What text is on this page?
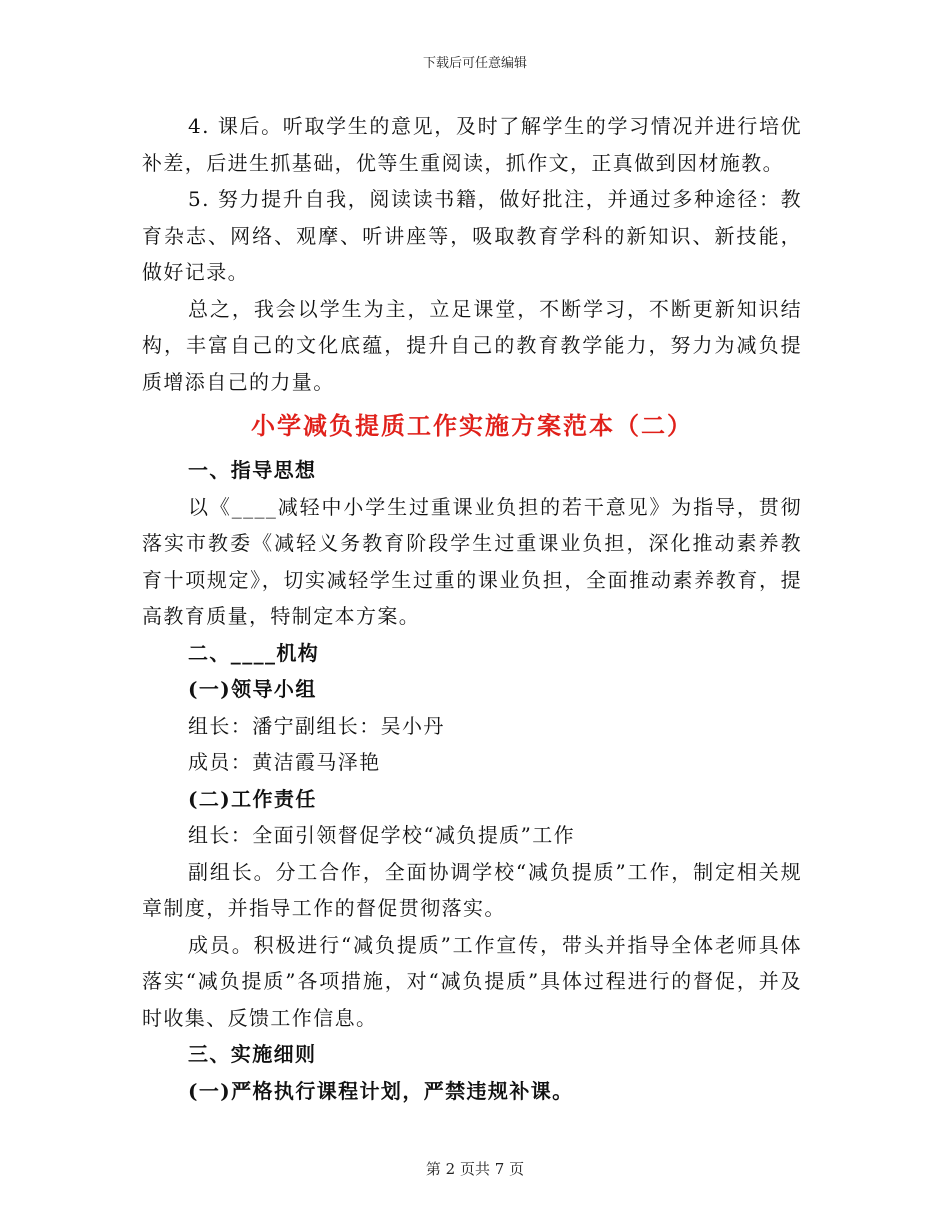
下载后可任意编辑

4. 课后。听取学生的意见，及时了解学生的学习情况并进行培优补差，后进生抓基础，优等生重阅读，抓作文，正真做到因材施教。

5. 努力提升自我，阅读读书籍，做好批注，并通过多种途径：教育杂志、网络、观摩、听讲座等，吸取教育学科的新知识、新技能，做好记录。

总之，我会以学生为主，立足课堂，不断学习，不断更新知识结构，丰富自己的文化底蕴，提升自己的教育教学能力，努力为减负提质增添自己的力量。

小学减负提质工作实施方案范本（二）

一、指导思想

以《____减轻中小学生过重课业负担的若干意见》为指导，贯彻落实市教委《减轻义务教育阶段学生过重课业负担，深化推动素养教育十项规定》，切实减轻学生过重的课业负担，全面推动素养教育，提高教育质量，特制定本方案。

二、____机构

(一)领导小组

组长：潘宁副组长：吴小丹

成员：黄洁霞马泽艳

(二)工作责任

组长：全面引领督促学校“减负提质”工作

副组长。分工合作，全面协调学校“减负提质”工作，制定相关规章制度，并指导工作的督促贯彻落实。

成员。积极进行“减负提质”工作宣传，带头并指导全体老师具体落实“减负提质”各项措施，对“减负提质”具体过程进行的督促，并及时收集、反馈工作信息。

三、实施细则

(一)严格执行课程计划，严禁违规补课。

第 2 页共 7 页
